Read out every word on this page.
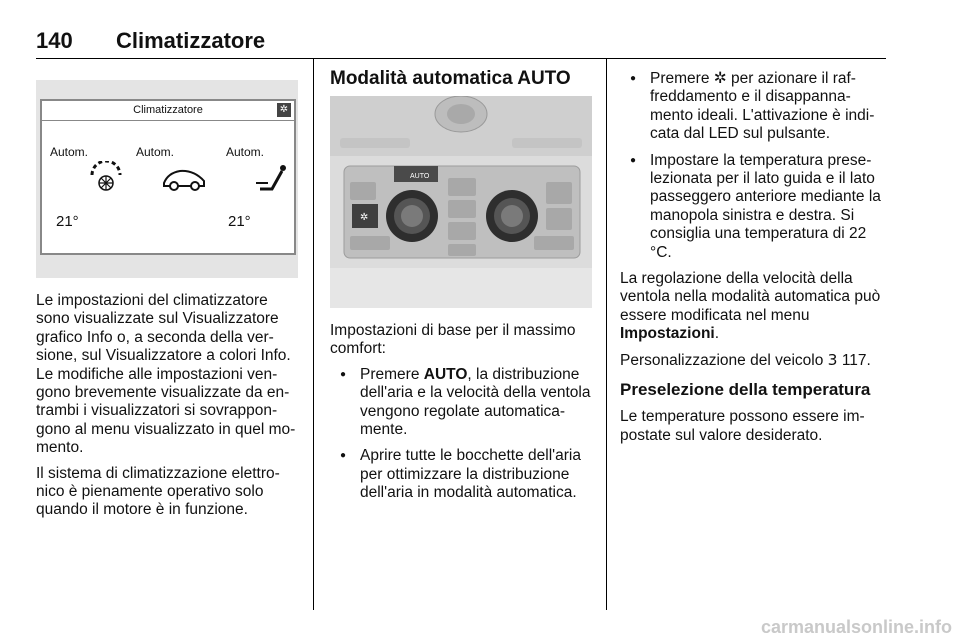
140 Climatizzatore
Climatizzatore	✲
Autom.	Autom.	Autom.
21°	21°
AUTO
✲

Le impostazioni del climatizzatore sono visualizzate sul Visualizzatore grafico Info o, a seconda della ver-sione, sul Visualizzatore a colori Info. Le modifiche alle impostazioni ven-gono brevemente visualizzate da en-trambi i visualizzatori si sovrappon-gono al menu visualizzato in quel mo-mento.

Il sistema di climatizzazione elettro-nico è pienamente operativo solo quando il motore è in funzione.

Modalità automatica AUTO

Impostazioni di base per il massimo comfort:

● Premere AUTO, la distribuzione dell'aria e la velocità della ventola vengono regolate automatica-mente.
● Aprire tutte le bocchette dell'aria per ottimizzare la distribuzione dell'aria in modalità automatica.
● Premere ✲ per azionare il raf-freddamento e il disappanna-mento ideali. L'attivazione è indi-cata dal LED sul pulsante.
● Impostare la temperatura prese-lezionata per il lato guida e il lato passeggero anteriore mediante la manopola sinistra e destra. Si consiglia una temperatura di 22 °C.

La regolazione della velocità della ventola nella modalità automatica può essere modificata nel menu Impostazioni.

Personalizzazione del veicolo 3 117.

Preselezione della temperatura

Le temperature possono essere im-postate sul valore desiderato.

carmanualsonline.info
